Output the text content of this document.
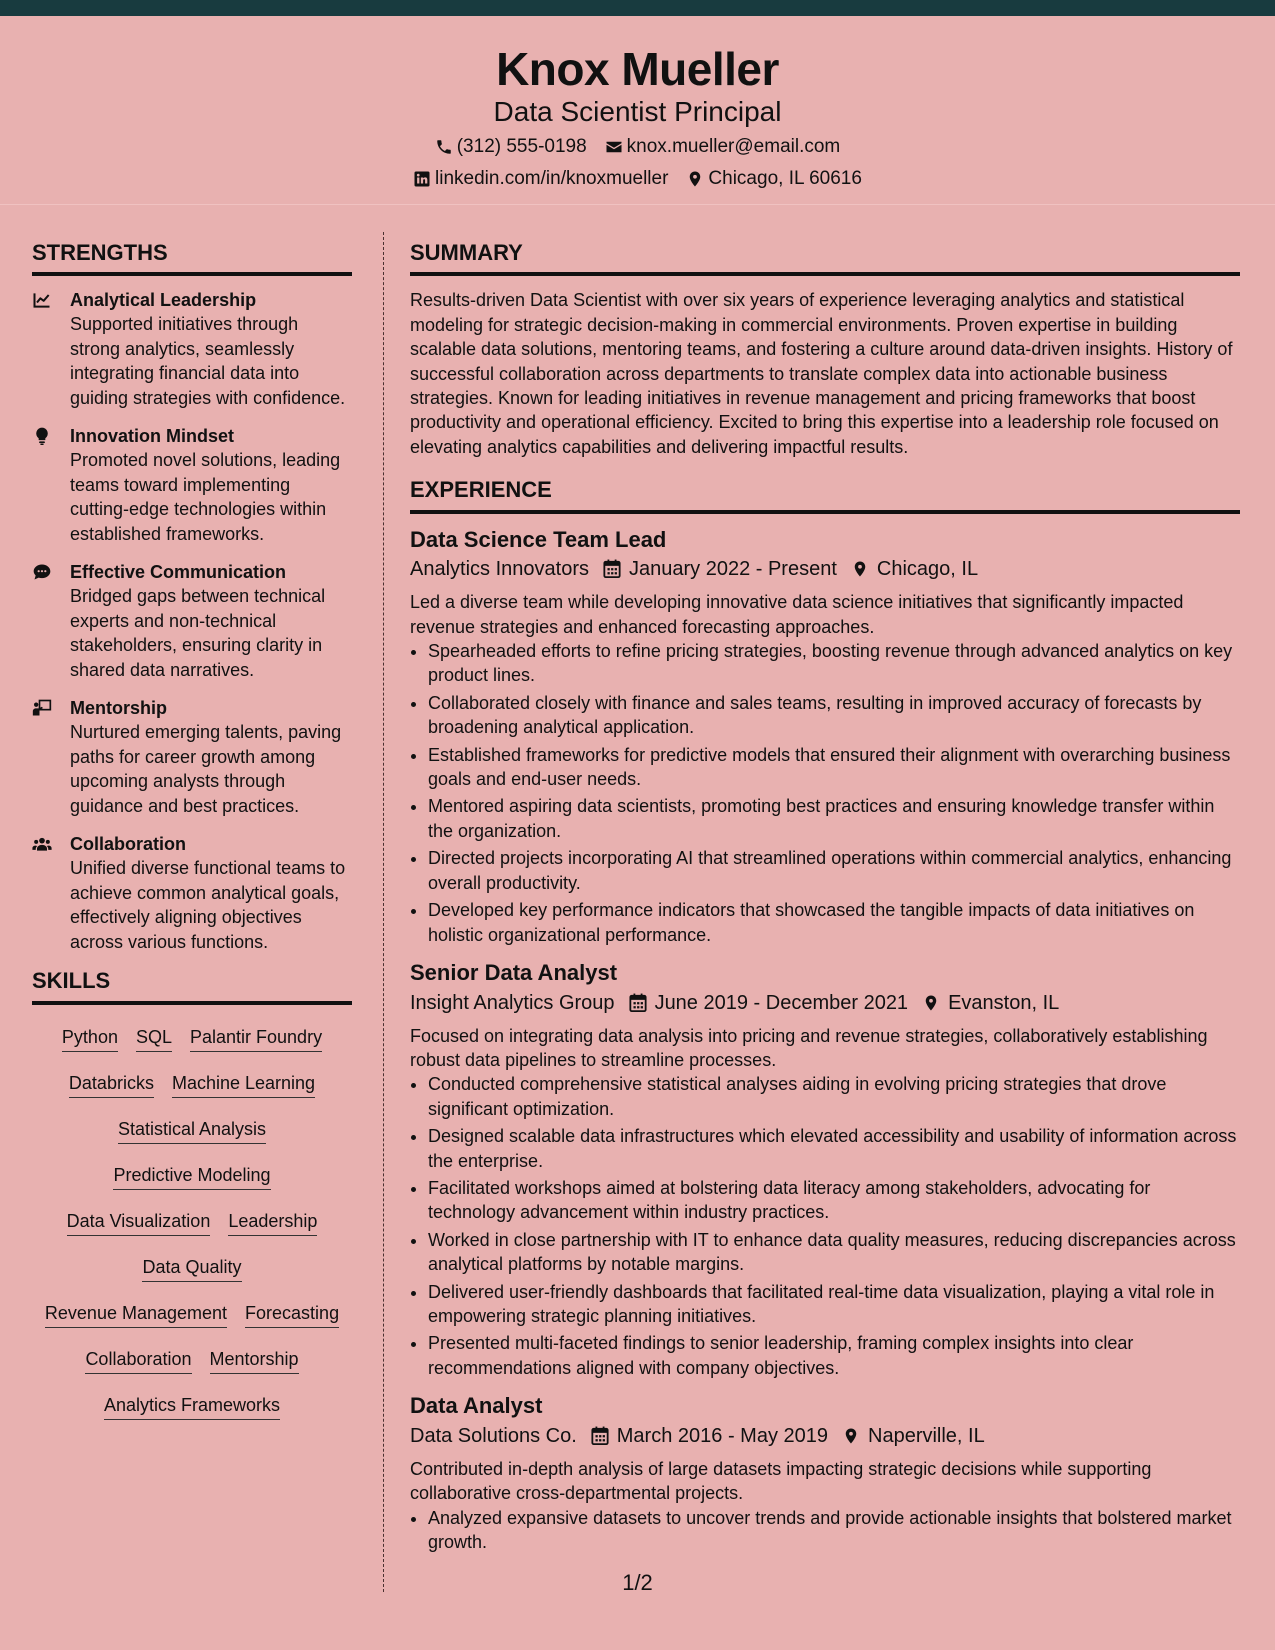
Knox Mueller
Data Scientist Principal
(312) 555-0198 knox.mueller@email.com
linkedin.com/in/knoxmueller Chicago, IL 60616
STRENGTHS
Analytical Leadership
Supported initiatives through strong analytics, seamlessly integrating financial data into guiding strategies with confidence.
Innovation Mindset
Promoted novel solutions, leading teams toward implementing cutting-edge technologies within established frameworks.
Effective Communication
Bridged gaps between technical experts and non-technical stakeholders, ensuring clarity in shared data narratives.
Mentorship
Nurtured emerging talents, paving paths for career growth among upcoming analysts through guidance and best practices.
Collaboration
Unified diverse functional teams to achieve common analytical goals, effectively aligning objectives across various functions.
SKILLS
Python SQL Palantir Foundry
Databricks Machine Learning
Statistical Analysis
Predictive Modeling
Data Visualization Leadership
Data Quality
Revenue Management Forecasting
Collaboration Mentorship
Analytics Frameworks
SUMMARY

Results-driven Data Scientist with over six years of experience leveraging analytics and statistical modeling for strategic decision-making in commercial environments. Proven expertise in building scalable data solutions, mentoring teams, and fostering a culture around data-driven insights. History of successful collaboration across departments to translate complex data into actionable business strategies. Known for leading initiatives in revenue management and pricing frameworks that boost productivity and operational efficiency. Excited to bring this expertise into a leadership role focused on elevating analytics capabilities and delivering impactful results.

EXPERIENCE
Data Science Team Lead
Analytics Innovators January 2022 - Present Chicago, IL

Led a diverse team while developing innovative data science initiatives that significantly impacted revenue strategies and enhanced forecasting approaches.

• Spearheaded efforts to refine pricing strategies, boosting revenue through advanced analytics on key product lines.
• Collaborated closely with finance and sales teams, resulting in improved accuracy of forecasts by broadening analytical application.
• Established frameworks for predictive models that ensured their alignment with overarching business goals and end-user needs.
• Mentored aspiring data scientists, promoting best practices and ensuring knowledge transfer within the organization.
• Directed projects incorporating AI that streamlined operations within commercial analytics, enhancing overall productivity.
• Developed key performance indicators that showcased the tangible impacts of data initiatives on holistic organizational performance.
Senior Data Analyst
Insight Analytics Group June 2019 - December 2021 Evanston, IL

Focused on integrating data analysis into pricing and revenue strategies, collaboratively establishing robust data pipelines to streamline processes.

• Conducted comprehensive statistical analyses aiding in evolving pricing strategies that drove significant optimization.
• Designed scalable data infrastructures which elevated accessibility and usability of information across the enterprise.
• Facilitated workshops aimed at bolstering data literacy among stakeholders, advocating for technology advancement within industry practices.
• Worked in close partnership with IT to enhance data quality measures, reducing discrepancies across analytical platforms by notable margins.
• Delivered user-friendly dashboards that facilitated real-time data visualization, playing a vital role in empowering strategic planning initiatives.
• Presented multi-faceted findings to senior leadership, framing complex insights into clear recommendations aligned with company objectives.
Data Analyst
Data Solutions Co. March 2016 - May 2019 Naperville, IL

Contributed in-depth analysis of large datasets impacting strategic decisions while supporting collaborative cross-departmental projects.

• Analyzed expansive datasets to uncover trends and provide actionable insights that bolstered market growth.
1/2
